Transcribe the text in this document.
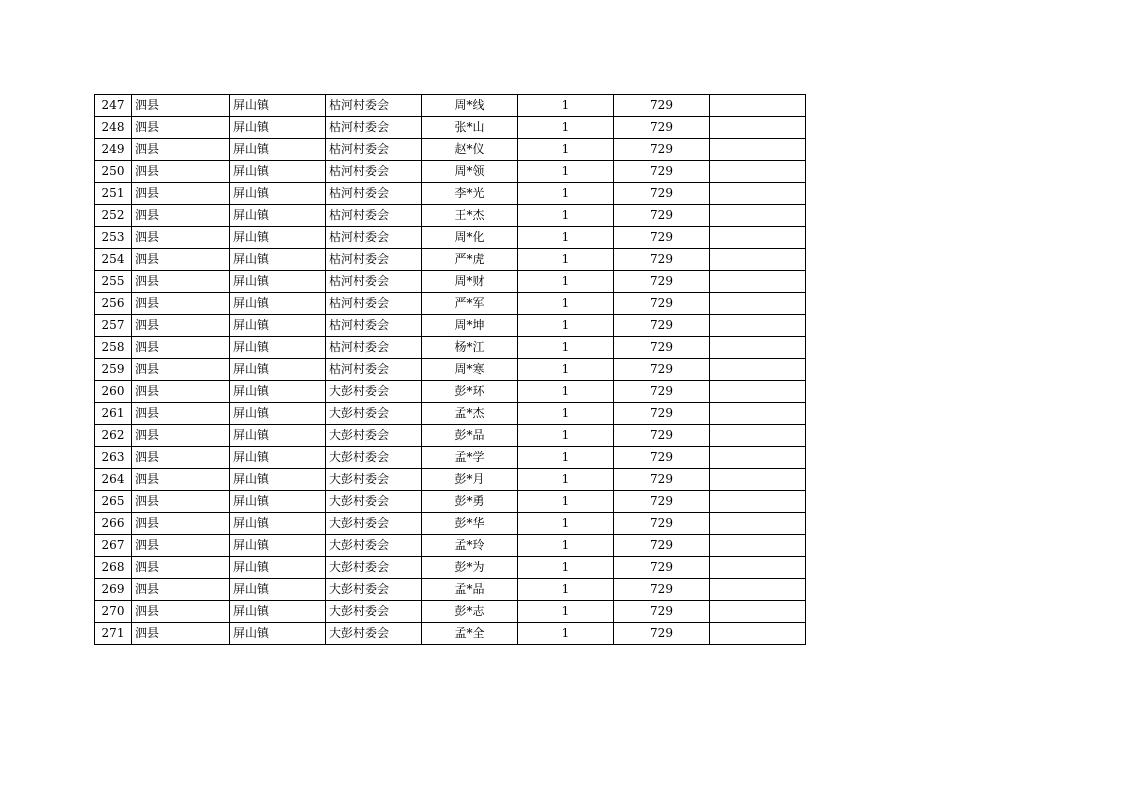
247	泗县	屏山镇	枯河村委会	周*线	1	729	
248	泗县	屏山镇	枯河村委会	张*山	1	729	
249	泗县	屏山镇	枯河村委会	赵*仪	1	729	
250	泗县	屏山镇	枯河村委会	周*领	1	729	
251	泗县	屏山镇	枯河村委会	李*光	1	729	
252	泗县	屏山镇	枯河村委会	王*杰	1	729	
253	泗县	屏山镇	枯河村委会	周*化	1	729	
254	泗县	屏山镇	枯河村委会	严*虎	1	729	
255	泗县	屏山镇	枯河村委会	周*财	1	729	
256	泗县	屏山镇	枯河村委会	严*军	1	729	
257	泗县	屏山镇	枯河村委会	周*坤	1	729	
258	泗县	屏山镇	枯河村委会	杨*江	1	729	
259	泗县	屏山镇	枯河村委会	周*寒	1	729	
260	泗县	屏山镇	大彭村委会	彭*环	1	729	
261	泗县	屏山镇	大彭村委会	孟*杰	1	729	
262	泗县	屏山镇	大彭村委会	彭*品	1	729	
263	泗县	屏山镇	大彭村委会	孟*学	1	729	
264	泗县	屏山镇	大彭村委会	彭*月	1	729	
265	泗县	屏山镇	大彭村委会	彭*勇	1	729	
266	泗县	屏山镇	大彭村委会	彭*华	1	729	
267	泗县	屏山镇	大彭村委会	孟*玲	1	729	
268	泗县	屏山镇	大彭村委会	彭*为	1	729	
269	泗县	屏山镇	大彭村委会	孟*品	1	729	
270	泗县	屏山镇	大彭村委会	彭*志	1	729	
271	泗县	屏山镇	大彭村委会	孟*全	1	729	
